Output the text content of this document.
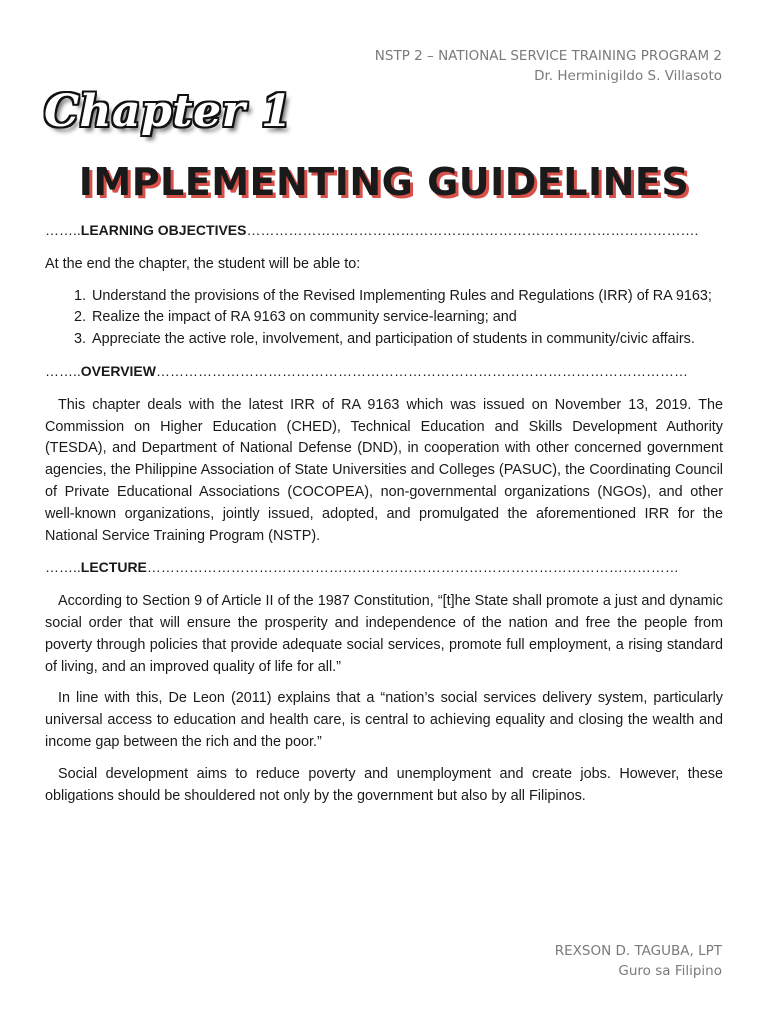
NSTP 2 – NATIONAL SERVICE TRAINING PROGRAM 2
Dr. Herminigildo S. Villasoto
Chapter 1
IMPLEMENTING GUIDELINES
……..LEARNING OBJECTIVES…………………………………………………………………………………….

At the end the chapter, the student will be able to:

1. Understand the provisions of the Revised Implementing Rules and Regulations (IRR) of RA 9163;
2. Realize the impact of RA 9163 on community service-learning; and
3. Appreciate the active role, involvement, and participation of students in community/civic affairs.
……..OVERVIEW……………………………………………………………………………………………………

This chapter deals with the latest IRR of RA 9163 which was issued on November 13, 2019. The Commission on Higher Education (CHED), Technical Education and Skills Development Authority (TESDA), and Department of National Defense (DND), in cooperation with other concerned government agencies, the Philippine Association of State Universities and Colleges (PASUC), the Coordinating Council of Private Educational Associations (COCOPEA), non-governmental organizations (NGOs), and other well-known organizations, jointly issued, adopted, and promulgated the aforementioned IRR for the National Service Training Program (NSTP).

……..LECTURE……………………………………………………………………………………………………

According to Section 9 of Article II of the 1987 Constitution, “[t]he State shall promote a just and dynamic social order that will ensure the prosperity and independence of the nation and free the people from poverty through policies that provide adequate social services, promote full employment, a rising standard of living, and an improved quality of life for all.”

In line with this, De Leon (2011) explains that a “nation’s social services delivery system, particularly universal access to education and health care, is central to achieving equality and closing the wealth and income gap between the rich and the poor.”

Social development aims to reduce poverty and unemployment and create jobs. However, these obligations should be shouldered not only by the government but also by all Filipinos.

REXSON D. TAGUBA, LPT
Guro sa Filipino
